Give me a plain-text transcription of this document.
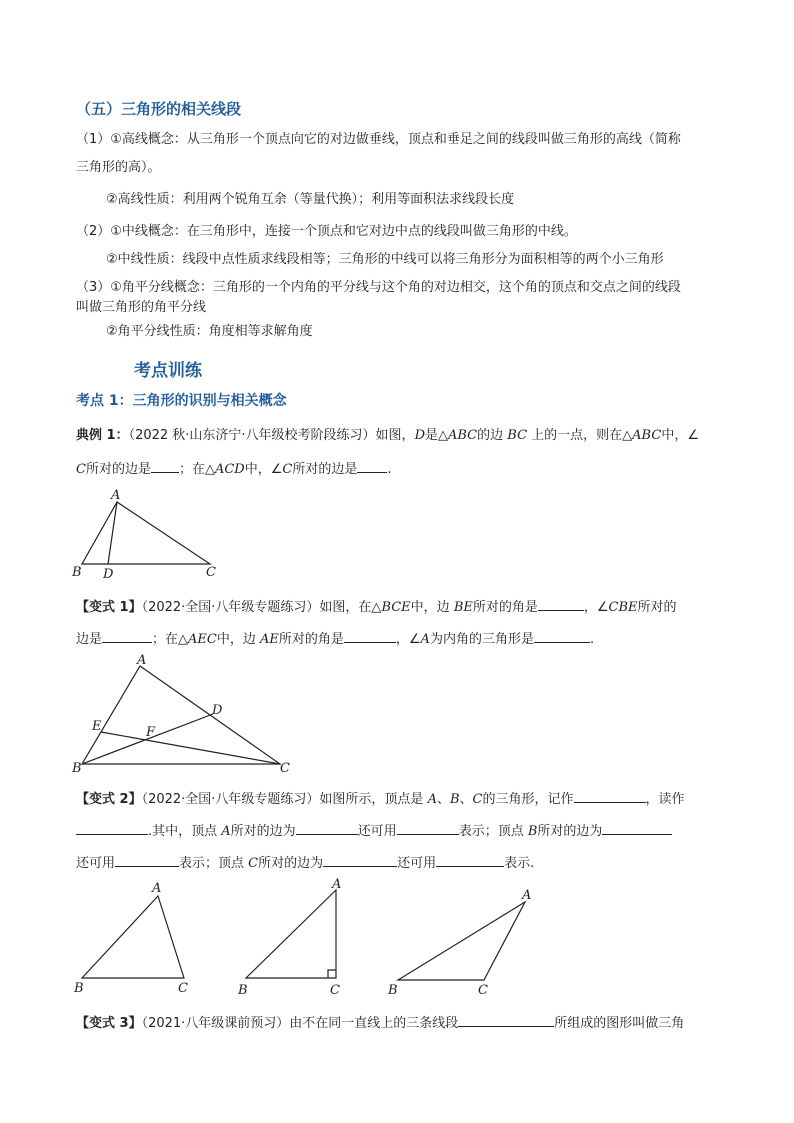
（五）三角形的相关线段
（1）①高线概念：从三角形一个顶点向它的对边做垂线，顶点和垂足之间的线段叫做三角形的高线（简称
三角形的高）。
②高线性质：利用两个锐角互余（等量代换）；利用等面积法求线段长度
（2）①中线概念：在三角形中，连接一个顶点和它对边中点的线段叫做三角形的中线。
②中线性质：线段中点性质求线段相等；三角形的中线可以将三角形分为面积相等的两个小三角形
（3）①角平分线概念：三角形的一个内角的平分线与这个角的对边相交，这个角的顶点和交点之间的线段
叫做三角形的角平分线
②角平分线性质：角度相等求解角度
考点训练
考点 1：三角形的识别与相关概念
典例 1：（2022 秋·山东济宁·八年级校考阶段练习）如图，D是△ABC的边 BC 上的一点，则在△ABC中，∠
C所对的边是 ；在△ACD中，∠C所对的边是 .
A
B D	C
【变式 1】（2022·全国·八年级专题练习）如图，在△BCE中，边 BE所对的角是	，∠CBE所对的
边是	；在△AEC中，边 AE所对的角是	，∠A为内角的三角形是	.
A
E
D
F
B	C
【变式 2】（2022·全国·八年级专题练习）如图所示，顶点是 A、B、C的三角形，记作	，读作
.其中，顶点 A所对的边为	还可用	表示；顶点 B所对的边为
还可用	表示；顶点 C所对的边为	还可用	表示.
A
B	C
A
B	C
A
B	C
【变式 3】（2021·八年级课前预习）由不在同一直线上的三条线段	所组成的图形叫做三角
